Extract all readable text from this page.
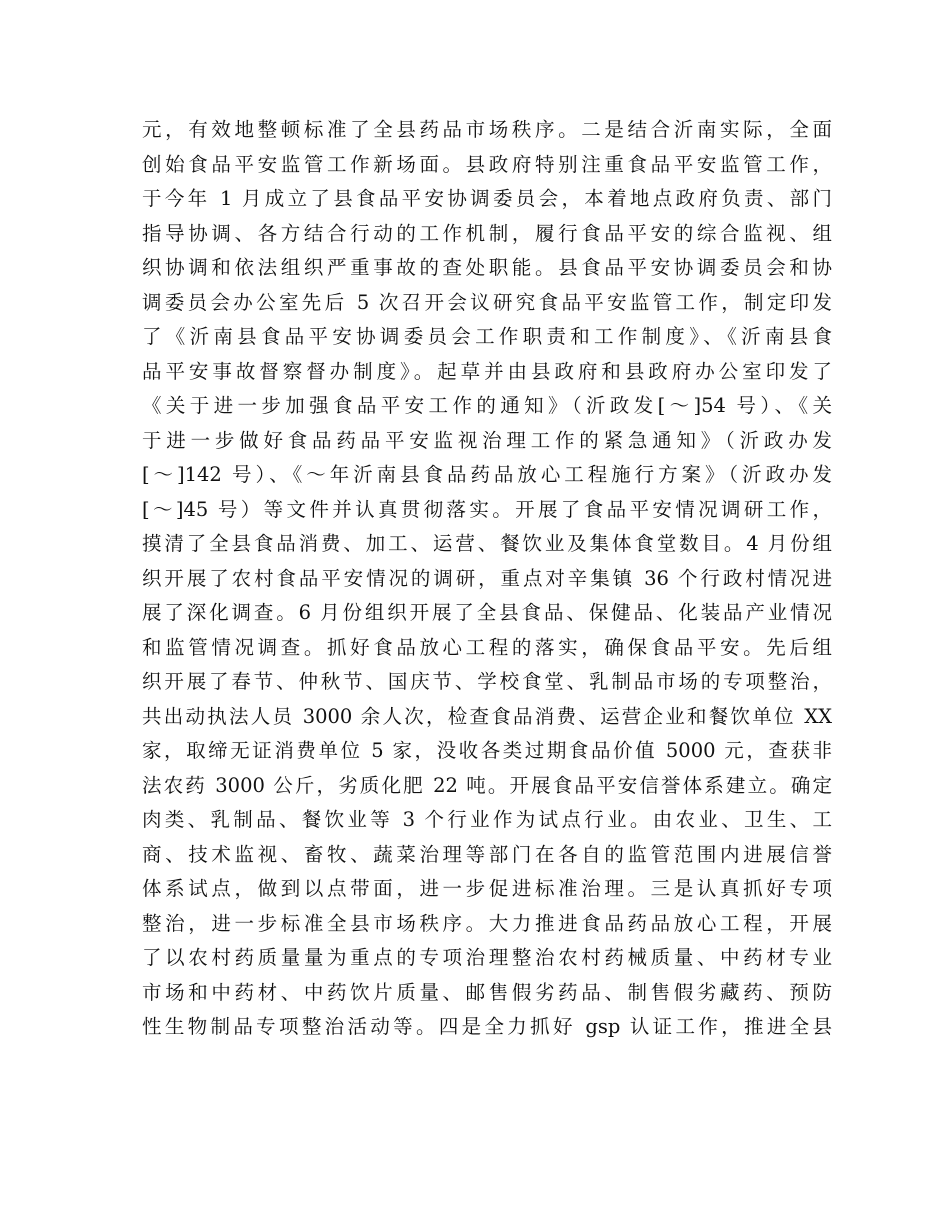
元，有效地整顿标准了全县药品市场秩序。二是结合沂南实际，全面
创始食品平安监管工作新场面。县政府特别注重食品平安监管工作，
于今年 1 月成立了县食品平安协调委员会，本着地点政府负责、部门
指导协调、各方结合行动的工作机制，履行食品平安的综合监视、组
织协调和依法组织严重事故的查处职能。县食品平安协调委员会和协
调委员会办公室先后 5 次召开会议研究食品平安监管工作，制定印发
了《沂南县食品平安协调委员会工作职责和工作制度》、《沂南县食
品平安事故督察督办制度》。起草并由县政府和县政府办公室印发了
《关于进一步加强食品平安工作的通知》（沂政发[～]54 号）、《关
于进一步做好食品药品平安监视治理工作的紧急通知》（沂政办发
[～]142 号）、《～年沂南县食品药品放心工程施行方案》（沂政办发
[～]45 号）等文件并认真贯彻落实。开展了食品平安情况调研工作，
摸清了全县食品消费、加工、运营、餐饮业及集体食堂数目。4 月份组
织开展了农村食品平安情况的调研，重点对辛集镇 36 个行政村情况进
展了深化调查。6 月份组织开展了全县食品、保健品、化装品产业情况
和监管情况调查。抓好食品放心工程的落实，确保食品平安。先后组
织开展了春节、仲秋节、国庆节、学校食堂、乳制品市场的专项整治，
共出动执法人员 3000 余人次，检查食品消费、运营企业和餐饮单位 XX
家，取缔无证消费单位 5 家，没收各类过期食品价值 5000 元，查获非
法农药 3000 公斤，劣质化肥 22 吨。开展食品平安信誉体系建立。确定
肉类、乳制品、餐饮业等 3 个行业作为试点行业。由农业、卫生、工
商、技术监视、畜牧、蔬菜治理等部门在各自的监管范围内进展信誉
体系试点，做到以点带面，进一步促进标准治理。三是认真抓好专项
整治，进一步标准全县市场秩序。大力推进食品药品放心工程，开展
了以农村药质量量为重点的专项治理整治农村药械质量、中药材专业
市场和中药材、中药饮片质量、邮售假劣药品、制售假劣藏药、预防
性生物制品专项整治活动等。四是全力抓好 gsp 认证工作，推进全县
